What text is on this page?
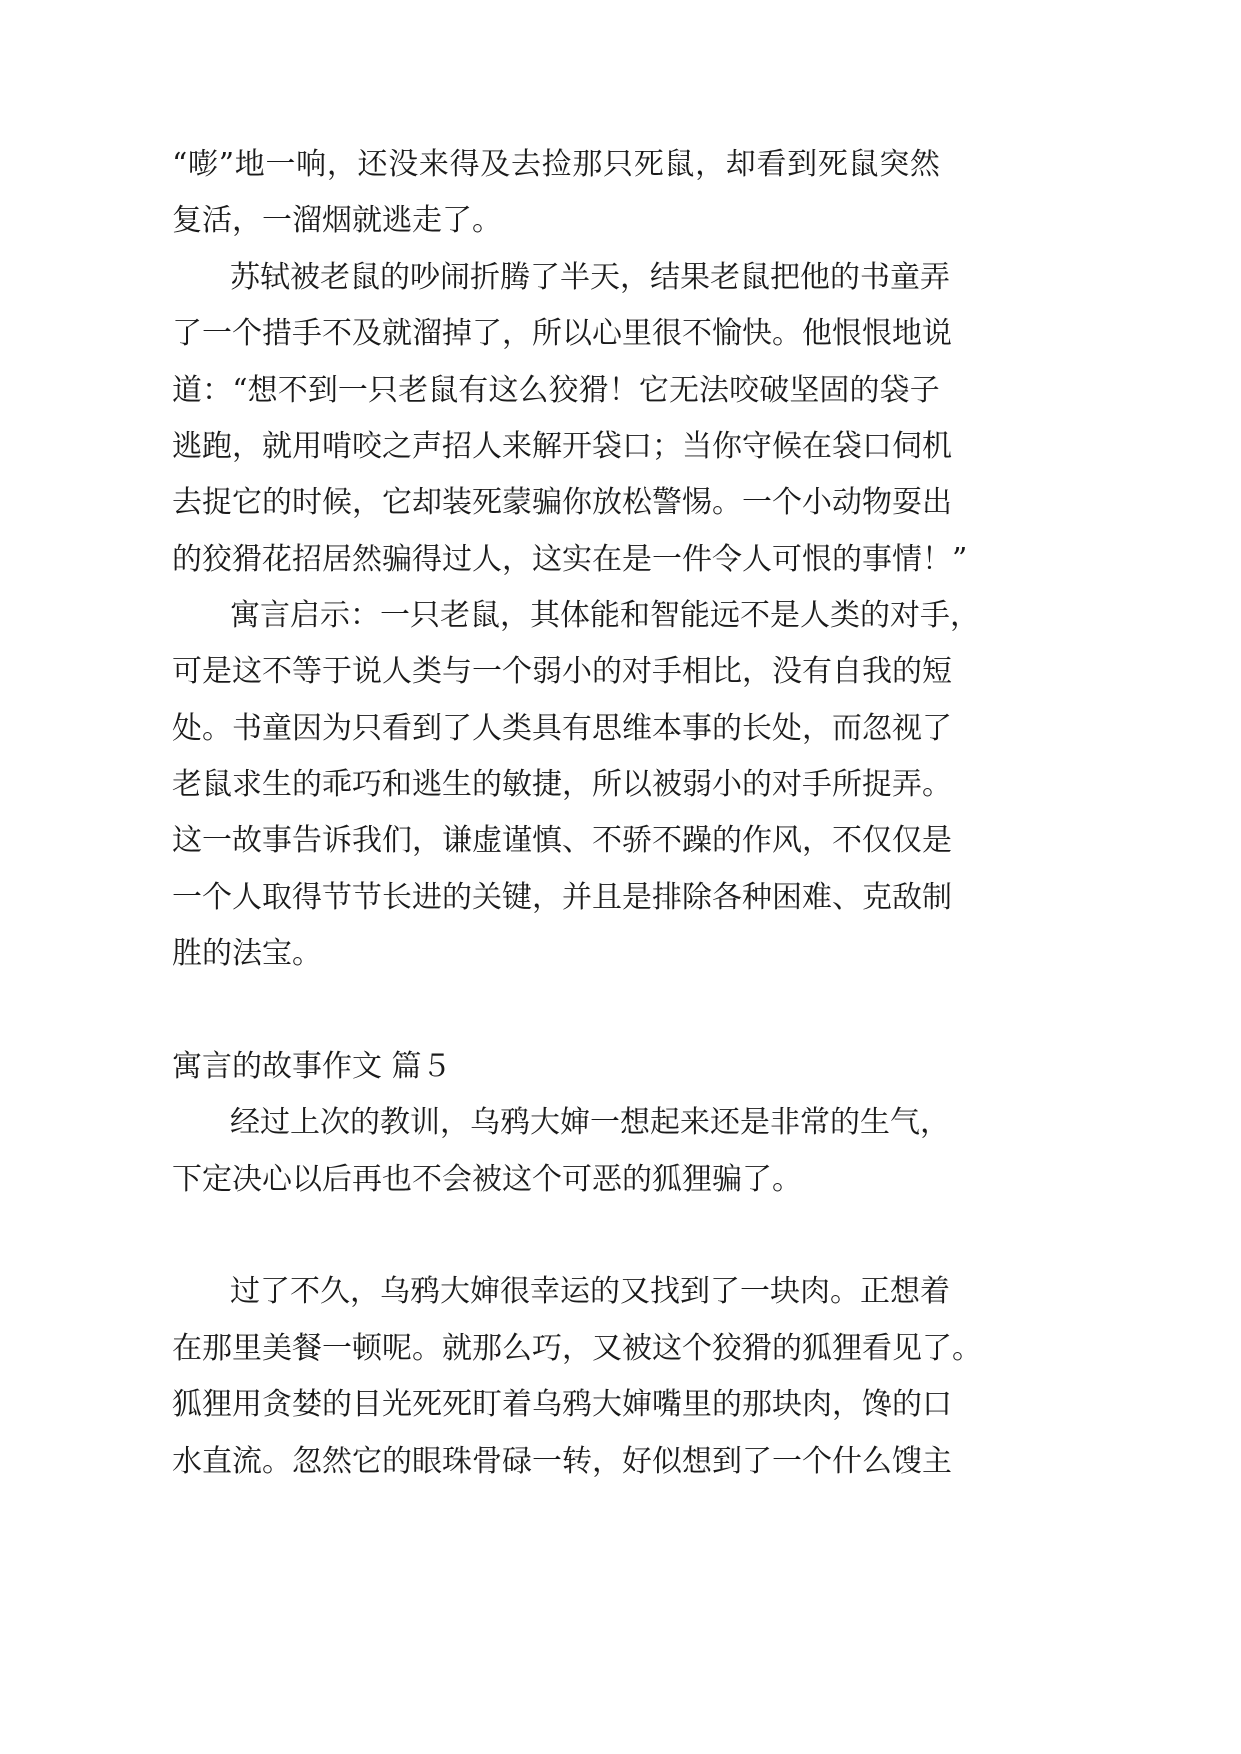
“ 嘭 ” 地 一 响 ， 还 没 来 得 及 去 捡 那 只 死 鼠 ， 却 看 到 死 鼠 突 然
复活，一溜烟就逃走了。
苏 轼 被 老 鼠 的 吵 闹 折 腾 了 半 天 ， 结 果 老 鼠 把 他 的 书 童 弄
了 一 个 措 手 不 及 就 溜 掉 了 ， 所 以 心 里 很 不 愉 快 。 他 恨 恨 地 说
道 ： “ 想 不 到 一 只 老 鼠 有 这 么 狡 猾 ！ 它 无 法 咬 破 坚 固 的 袋 子
逃 跑 ， 就 用 啃 咬 之 声 招 人 来 解 开 袋 口 ； 当 你 守 候 在 袋 口 伺 机
去 捉 它 的 时 候 ， 它 却 装 死 蒙 骗 你 放 松 警 惕 。 一 个 小 动 物 耍 出
的 狡 猾 花 招 居 然 骗 得 过 人 ， 这 实 在 是 一 件 令 人 可 恨 的 事 情 ！ ”
寓 言 启 示 ： 一 只 老 鼠 ， 其 体 能 和 智 能 远 不 是 人 类 的 对 手 ，
可 是 这 不 等 于 说 人 类 与 一 个 弱 小 的 对 手 相 比 ， 没 有 自 我 的 短
处 。 书 童 因 为 只 看 到 了 人 类 具 有 思 维 本 事 的 长 处 ， 而 忽 视 了
老 鼠 求 生 的 乖 巧 和 逃 生 的 敏 捷 ， 所 以 被 弱 小 的 对 手 所 捉 弄 。
这 一 故 事 告 诉 我 们 ， 谦 虚 谨 慎 、 不 骄 不 躁 的 作 风 ， 不 仅 仅 是
一 个 人 取 得 节 节 长 进 的 关 键 ， 并 且 是 排 除 各 种 困 难 、 克 敌 制
胜的法宝。
寓言的故事作文 篇５
经 过 上 次 的 教 训 ， 乌 鸦 大 婶 一 想 起 来 还 是 非 常 的 生 气 ，
下定决心以后再也不会被这个可恶的狐狸骗了。
过 了 不 久 ， 乌 鸦 大 婶 很 幸 运 的 又 找 到 了 一 块 肉 。 正 想 着
在 那 里 美 餐 一 顿 呢 。 就 那 么 巧 ， 又 被 这 个 狡 猾 的 狐 狸 看 见 了 。
狐 狸 用 贪 婪 的 目 光 死 死 盯 着 乌 鸦 大 婶 嘴 里 的 那 块 肉 ， 馋 的 口
水 直 流 。 忽 然 它 的 眼 珠 骨 碌 一 转 ， 好 似 想 到 了 一 个 什 么 馊 主
